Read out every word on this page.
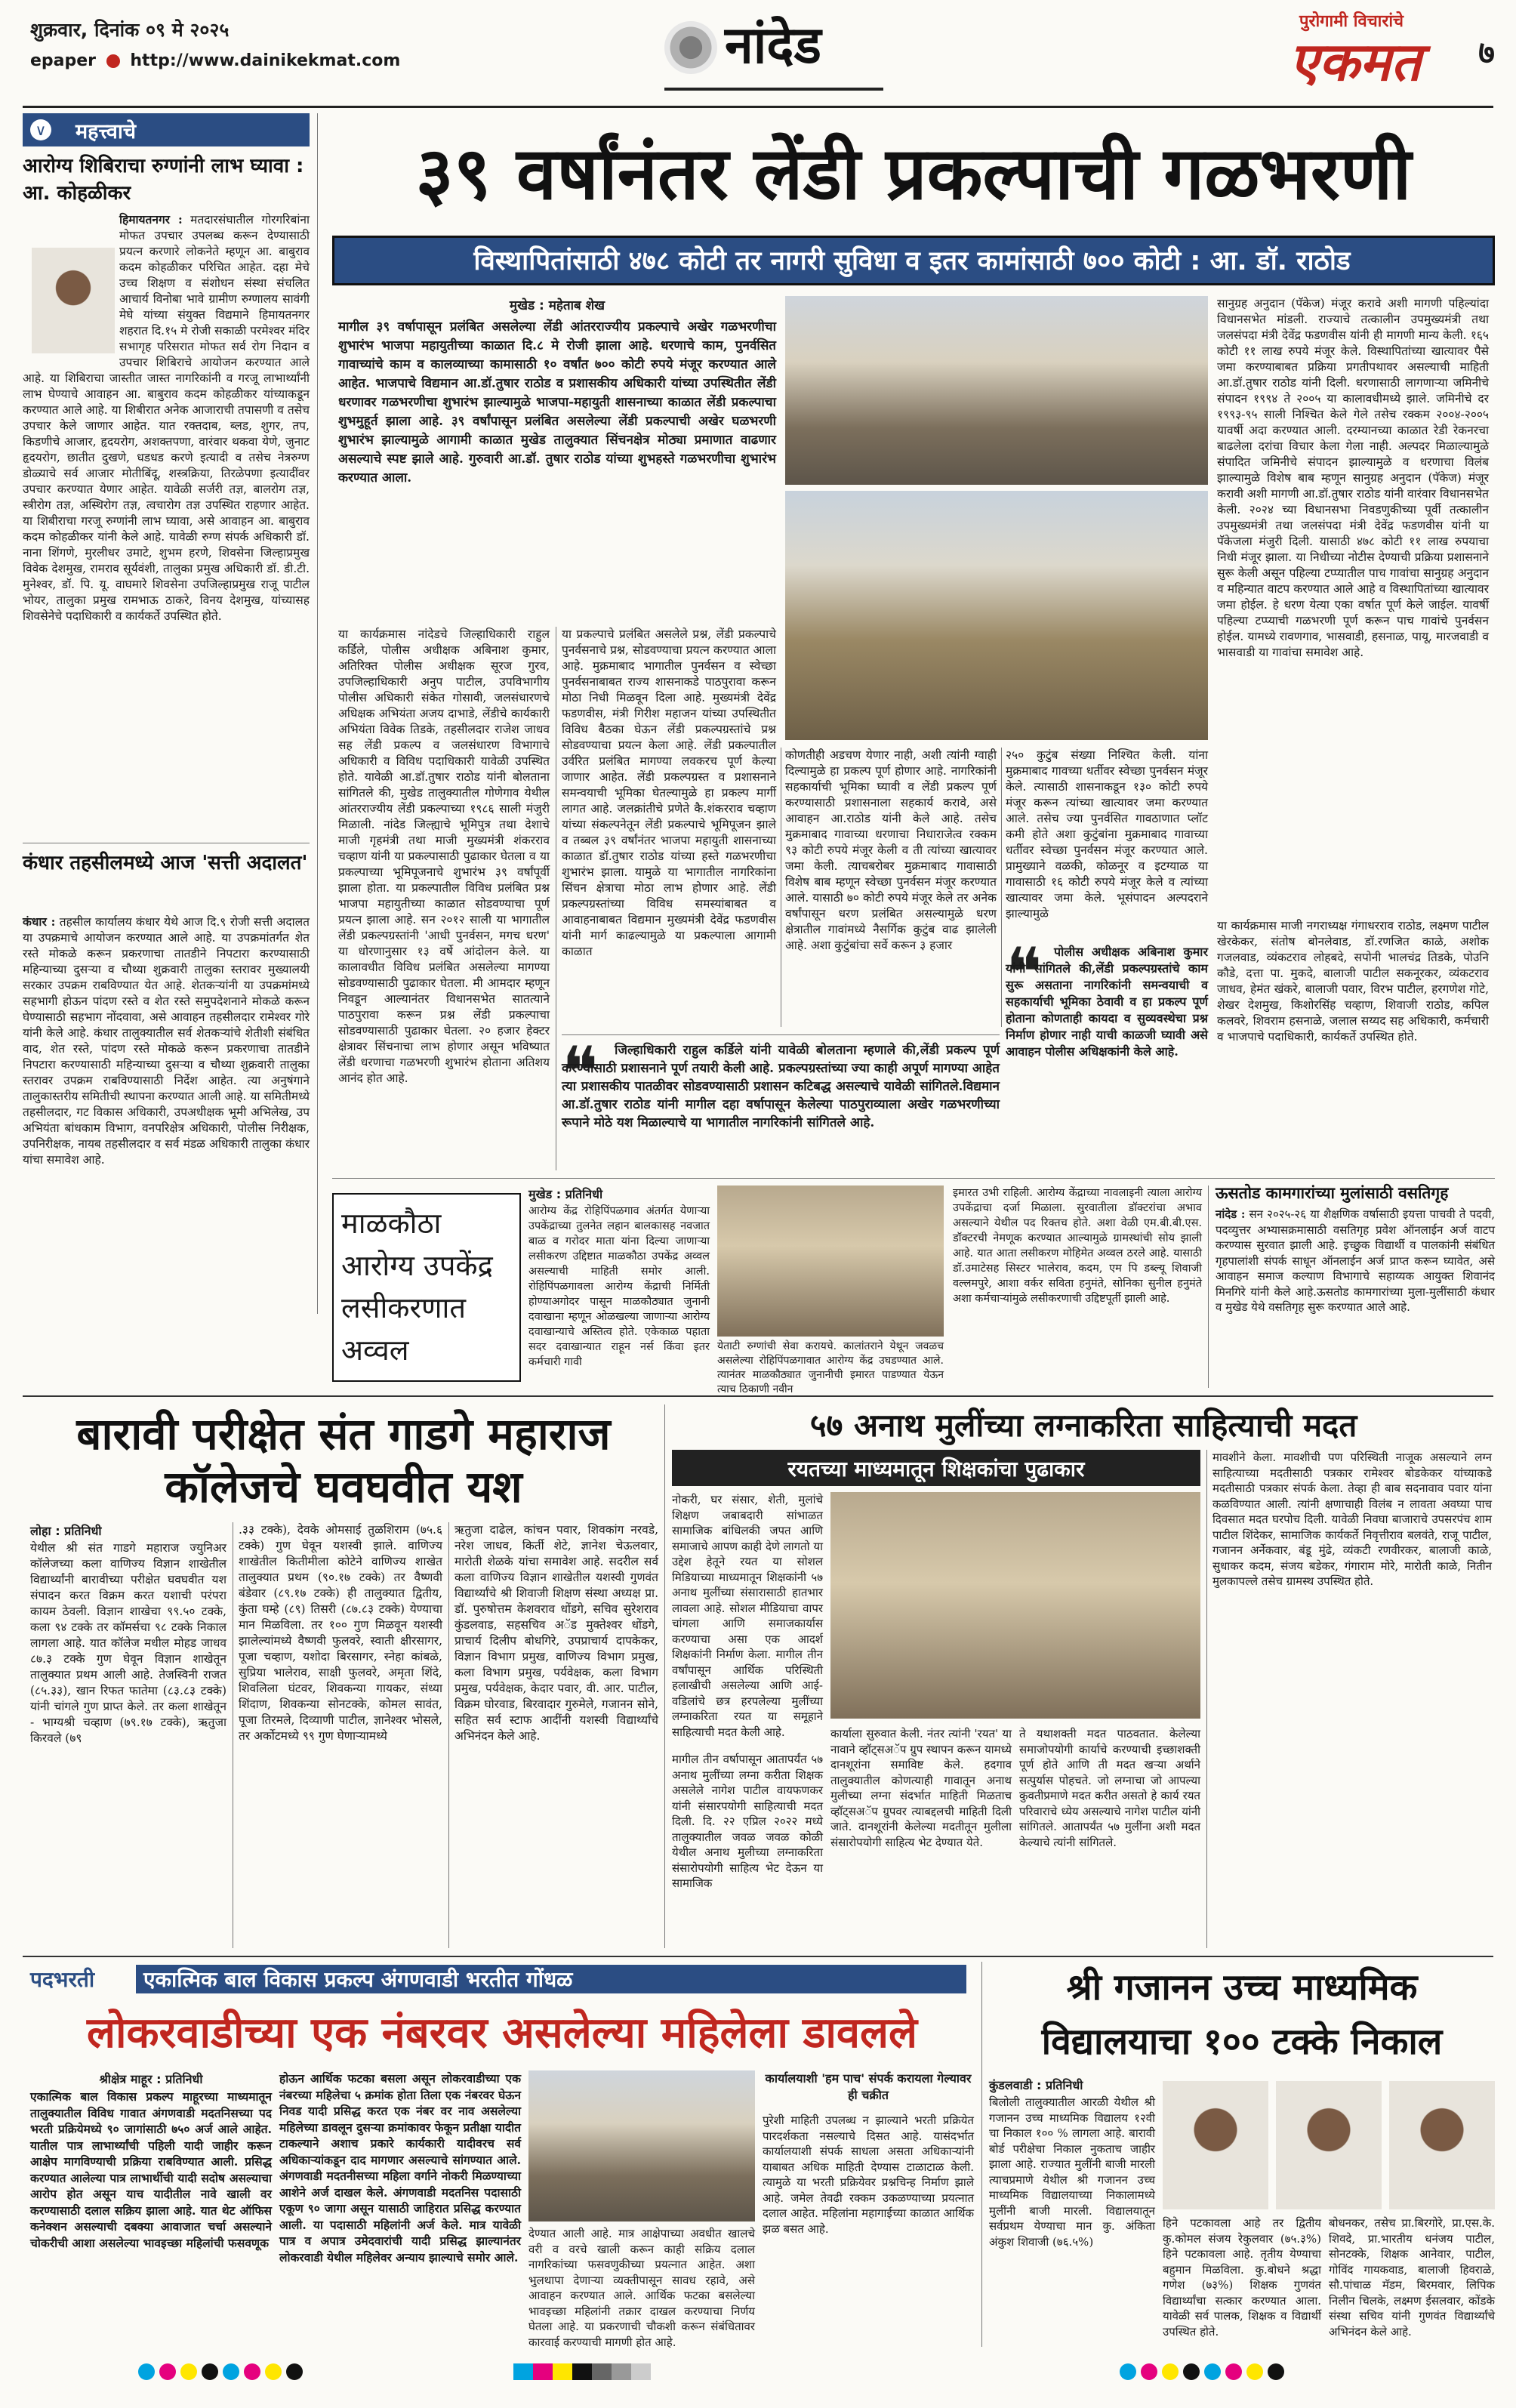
शुक्रवार, दिनांक ०९ मे २०२५
epaper http://www.dainikekmat.com	नांदेड	पुरोगामी विचारांचे
एकमत	७
∨ महत्त्वाचे
आरोग्य शिबिराचा रुग्णांनी लाभ घ्यावा : आ. कोहळीकर
हिमायतनगर : मतदारसंघातील गोरगरिबांना मोफत उपचार उपलब्ध करून देण्यासाठी प्रयत्न करणारे लोकनेते म्हणून आ. बाबुराव कदम कोहळीकर परिचित आहेत. दहा मेचे उच्च शिक्षण व संशोधन संस्था संचलित आचार्य विनोबा भावे ग्रामीण रुग्णालय सावंगी मेघे यांच्या संयुक्त विद्यमाने हिमायतनगर शहरात दि.१५ मे रोजी सकाळी परमेश्वर मंदिर सभागृह परिसरात मोफत सर्व रोग निदान व उपचार शिबिराचे आयोजन करण्यात आले आहे. या शिबिराचा जास्तीत जास्त नागरिकांनी व गरजू लाभार्थ्यांनी लाभ घेण्याचे आवाहन आ. बाबुराव कदम कोहळीकर यांच्याकडून करण्यात आले आहे. या शिबीरात अनेक आजाराची तपासणी व तसेच उपचार केले जाणार आहेत. यात रक्तदाब, ब्लड, शुगर, तप, किडणीचे आजार, हृदयरोग, अशक्तपणा, वारंवार थकवा येणे, जुनाट हृदयरोग, छातीत दुखणे, धडधड करणे इत्यादी व तसेच नेत्ररुग्ण डोळ्याचे सर्व आजार मोतीबिंदू, शस्त्रक्रिया, तिरळेपणा इत्यादींवर उपचार करण्यात येणार आहेत. यावेळी सर्जरी तज्ञ, बालरोग तज्ञ, स्त्रीरोग तज्ञ, अस्थिरोग तज्ञ, त्वचारोग तज्ञ उपस्थित राहणार आहेत. या शिबीराचा गरजू रुग्णांनी लाभ घ्यावा, असे आवाहन आ. बाबुराव कदम कोहळीकर यांनी केले आहे. यावेळी रुग्ण संपर्क अधिकारी डॉ. नाना शिंगणे, मुरलीधर उमाटे, शुभम हरणे, शिवसेना जिल्हाप्रमुख विवेक देशमुख, रामराव सूर्यवंशी, तालुका प्रमुख अधिकारी डॉ. डी.टी. मुनेश्वर, डॉ. पि. यू. वाघमारे शिवसेना उपजिल्हाप्रमुख राजू पाटील भोयर, तालुका प्रमुख रामभाऊ ठाकरे, विनय देशमुख, यांच्यासह शिवसेनेचे पदाधिकारी व कार्यकर्ते उपस्थित होते.
कंधार तहसीलमध्ये आज 'सत्ती अदालत'
कंधार : तहसील कार्यालय कंधार येथे आज दि.९ रोजी सत्ती अदालत या उपक्रमाचे आयोजन करण्यात आले आहे. या उपक्रमांतर्गत शेत रस्ते मोकळे करून प्रकरणाचा तातडीने निपटारा करण्यासाठी महिन्याच्या दुसऱ्या व चौथ्या शुक्रवारी तालुका स्तरावर मुख्यालयी सरकार उपक्रम राबविण्यात येत आहे. शेतकऱ्यांनी या उपक्रमांमध्ये सहभागी होऊन पांदण रस्ते व शेत रस्ते समुपदेशनाने मोकळे करून घेण्यासाठी सहभाग नोंदवावा, असे आवाहन तहसीलदार रामेश्वर गोरे यांनी केले आहे. कंधार तालुक्यातील सर्व शेतकऱ्यांचे शेतीशी संबंधित वाद, शेत रस्ते, पांदण रस्ते मोकळे करून प्रकरणाचा तातडीने निपटारा करण्यासाठी महिन्याच्या दुसऱ्या व चौथ्या शुक्रवारी तालुका स्तरावर उपक्रम राबविण्यासाठी निर्देश आहेत. त्या अनुषंगाने तालुकास्तरीय समितीची स्थापना करण्यात आली आहे. या समितीमध्ये तहसीलदार, गट विकास अधिकारी, उपअधीक्षक भूमी अभिलेख, उप अभियंता बांधकाम विभाग, वनपरिक्षेत्र अधिकारी, पोलीस निरीक्षक, उपनिरीक्षक, नायब तहसीलदार व सर्व मंडळ अधिकारी तालुका कंधार यांचा समावेश आहे.
३९ वर्षांनंतर लेंडी प्रकल्पाची गळभरणी
विस्थापितांसाठी ४७८ कोटी तर नागरी सुविधा व इतर कामांसाठी ७०० कोटी : आ. डॉ. राठोड
मुखेड : महेताब शेख
मागील ३९ वर्षापासून प्रलंबित असलेल्या लेंडी आंतरराज्यीय प्रकल्पाचे अखेर गळभरणीचा शुभारंभ भाजपा महायुतीच्या काळात दि.८ मे रोजी झाला आहे. धरणाचे काम, पुनर्वसित गावाच्यांचे काम व कालव्याच्या कामासाठी १० वर्षांत ७०० कोटी रुपये मंजूर करण्यात आले आहेत. भाजपाचे विद्यमान आ.डॉ.तुषार राठोड व प्रशासकीय अधिकारी यांच्या उपस्थितीत लेंडी धरणावर गळभरणीचा शुभारंभ झाल्यामुळे भाजपा-महायुती शासनाच्या काळात लेंडी प्रकल्पाचा शुभमुहूर्त झाला आहे. ३९ वर्षांपासून प्रलंबित असलेल्या लेंडी प्रकल्पाची अखेर घळभरणी शुभारंभ झाल्यामुळे आगामी काळात मुखेड तालुक्यात सिंचनक्षेत्र मोठ्या प्रमाणात वाढणार असल्याचे स्पष्ट झाले आहे. गुरुवारी आ.डॉ. तुषार राठोड यांच्या शुभहस्ते गळभरणीचा शुभारंभ करण्यात आला.
सानुग्रह अनुदान (पॅकेज) मंजूर करावे अशी मागणी पहिल्यांदा विधानसभेत मांडली. राज्याचे तत्कालीन उपमुख्यमंत्री तथा जलसंपदा मंत्री देवेंद्र फडणवीस यांनी ही मागणी मान्य केली. १६५ कोटी ११ लाख रुपये मंजूर केले. विस्थापितांच्या खात्यावर पैसे जमा करण्याबाबत प्रक्रिया प्रगतीपथावर असल्याची माहिती आ.डॉ.तुषार राठोड यांनी दिली. धरणासाठी लागणाऱ्या जमिनीचे संपादन १९९४ ते २००५ या कालावधीमध्ये झाले. जमिनीचे दर १९९३-९५ साली निश्चित केले गेले तसेच रक्कम २००४-२००५ यावर्षी अदा करण्यात आली. दरम्यानच्या काळात रेडी रेकनरचा बाढलेला दरांचा विचार केला गेला नाही. अल्पदर मिळाल्यामुळे संपादित जमिनीचे संपादन झाल्यामुळे व धरणाचा विलंब झाल्यामुळे विशेष बाब म्हणून सानुग्रह अनुदान (पॅकेज) मंजूर करावी अशी मागणी आ.डॉ.तुषार राठोड यांनी वारंवार विधानसभेत केली. २०२४ च्या विधानसभा निवडणुकीच्या पूर्वी तत्कालीन उपमुख्यमंत्री तथा जलसंपदा मंत्री देवेंद्र फडणवीस यांनी या पॅकेजला मंजुरी दिली. यासाठी ४७८ कोटी ११ लाख रुपयाचा निधी मंजूर झाला. या निधीच्या नोटीस देण्याची प्रक्रिया प्रशासनाने सुरू केली असून पहिल्या टप्प्यातील पाच गावांचा सानुग्रह अनुदान व महिन्यात वाटप करण्यात आले आहे व विस्थापितांच्या खात्यावर जमा होईल. हे धरण येत्या एका वर्षात पूर्ण केले जाईल. यावर्षी पहिल्या टप्प्याची गळभरणी पूर्ण करून पाच गावांचे पुनर्वसन होईल. यामध्ये रावणगाव, भासवाडी, हसनाळ, पायू, मारजवाडी व भासवाडी या गावांचा समावेश आहे.
या कार्यक्रमास माजी नगराध्यक्ष गंगाधरराव राठोड, लक्ष्मण पाटील खेरकेकर, संतोष बोनलेवाड, डॉ.रणजित काळे, अशोक गजलवाड, व्यंकटराव लोहबदे, सपोनी भालचंद्र तिडके, पोउनि कौडे, दत्ता पा. मुकदे, बालाजी पाटील सकनूरकर, व्यंकटराव जाधव, हेमंत खंकरे, बालाजी पवार, विरभ पाटील, हरगणेश गोटे, शेखर देशमुख, किशोरसिंह चव्हाण, शिवाजी राठोड, कपिल कलवरे, शिवराम हसनाळे, जलाल सय्यद सह अधिकारी, कर्मचारी व भाजपाचे पदाधिकारी, कार्यकर्ते उपस्थित होते.
या कार्यक्रमास नांदेडचे जिल्हाधिकारी राहुल कर्डिले, पोलीस अधीक्षक अबिनाश कुमार, अतिरिक्त पोलीस अधीक्षक सूरज गुरव, उपजिल्हाधिकारी अनुप पाटील, उपविभागीय पोलीस अधिकारी संकेत गोसावी, जलसंधारणचे अधिक्षक अभियंता अजय दाभाडे, लेंडीचे कार्यकारी अभियंता विवेक तिडके, तहसीलदार राजेश जाधव सह लेंडी प्रकल्प व जलसंधारण विभागाचे अधिकारी व विविध पदाधिकारी यावेळी उपस्थित होते. यावेळी आ.डॉ.तुषार राठोड यांनी बोलताना सांगितले की, मुखेड तालुक्यातील गोणेगाव येथील आंतरराज्यीय लेंडी प्रकल्पाच्या १९८६ साली मंजुरी मिळाली. नांदेड जिल्ह्याचे भूमिपुत्र तथा देशाचे माजी गृहमंत्री तथा माजी मुख्यमंत्री शंकरराव चव्हाण यांनी या प्रकल्पासाठी पुढाकार घेतला व या प्रकल्पाच्या भूमिपूजनाचे शुभारंभ ३९ वर्षांपूर्वी झाला होता. या प्रकल्पातील विविध प्रलंबित प्रश्न भाजपा महायुतीच्या काळात सोडवण्याचा पूर्ण प्रयत्न झाला आहे. सन २०१२ साली या भागातील लेंडी प्रकल्पग्रस्तांनी 'आधी पुनर्वसन, मगच धरण' या धोरणानुसार १३ वर्षे आंदोलन केले. या कालावधीत विविध प्रलंबित असलेल्या मागण्या सोडवण्यासाठी पुढाकार घेतला. मी आमदार म्हणून निवडून आल्यानंतर विधानसभेत सातत्याने पाठपुरावा करून प्रश्न लेंडी प्रकल्पाचा सोडवण्यासाठी पुढाकार घेतला. २० हजार हेक्टर क्षेत्रावर सिंचनाचा लाभ होणार असून भविष्यात लेंडी धरणाचा गळभरणी शुभारंभ होताना अतिशय आनंद होत आहे.
या प्रकल्पाचे प्रलंबित असलेले प्रश्न, लेंडी प्रकल्पाचे पुनर्वसनाचे प्रश्न, सोडवण्याचा प्रयत्न करण्यात आला आहे. मुक्रमाबाद भागातील पुनर्वसन व स्वेच्छा पुनर्वसनाबाबत राज्य शासनाकडे पाठपुरावा करून मोठा निधी मिळवून दिला आहे. मुख्यमंत्री देवेंद्र फडणवीस, मंत्री गिरीश महाजन यांच्या उपस्थितीत विविध बैठका घेऊन लेंडी प्रकल्पग्रस्तांचे प्रश्न सोडवण्याचा प्रयत्न केला आहे. लेंडी प्रकल्पातील उर्वरित प्रलंबित मागण्या लवकरच पूर्ण केल्या जाणार आहेत. लेंडी प्रकल्पग्रस्त व प्रशासनाने समन्वयाची भूमिका घेतल्यामुळे हा प्रकल्प मार्गी लागत आहे. जलक्रांतीचे प्रणेते कै.शंकरराव चव्हाण यांच्या संकल्पनेतून लेंडी प्रकल्पाचे भूमिपूजन झाले व तब्बल ३९ वर्षांनंतर भाजपा महायुती शासनाच्या काळात डॉ.तुषार राठोड यांच्या हस्ते गळभरणीचा शुभारंभ झाला. यामुळे या भागातील नागरिकांना सिंचन क्षेत्राचा मोठा लाभ होणार आहे. लेंडी प्रकल्पग्रस्तांच्या विविध समस्यांबाबत व आवाहनाबाबत विद्यमान मुख्यमंत्री देवेंद्र फडणवीस यांनी मार्ग काढल्यामुळे या प्रकल्पाला आगामी काळात
कोणतीही अडचण येणार नाही, अशी त्यांनी ग्वाही दिल्यामुळे हा प्रकल्प पूर्ण होणार आहे. नागरिकांनी सहकार्याची भूमिका घ्यावी व लेंडी प्रकल्प पूर्ण करण्यासाठी प्रशासनाला सहकार्य करावे, असे आवाहन आ.राठोड यांनी केले आहे. तसेच मुक्रमाबाद गावाच्या धरणाचा निधाराजेत्व रक्कम ९३ कोटी रुपये मंजूर केली व ती त्यांच्या खात्यावर जमा केली. त्याचबरोबर मुक्रमाबाद गावासाठी विशेष बाब म्हणून स्वेच्छा पुनर्वसन मंजूर करण्यात आले. यासाठी ७० कोटी रुपये मंजूर केले तर अनेक वर्षांपासून धरण प्रलंबित असल्यामुळे धरण क्षेत्रातील गावांमध्ये नैसर्गिक कुटुंब वाढ झालेली आहे. अशा कुटुंबांचा सर्वे करून ३ हजार
२५० कुटुंब संख्या निश्चित केली. यांना मुक्रमाबाद गावच्या धर्तीवर स्वेच्छा पुनर्वसन मंजूर केले. त्यासाठी शासनाकडून १३० कोटी रुपये मंजूर करून त्यांच्या खात्यावर जमा करण्यात आले. तसेच ज्या पुनर्वसित गावठाणात प्लॉट कमी होते अशा कुटुंबांना मुक्रमाबाद गावाच्या धर्तीवर स्वेच्छा पुनर्वसन मंजूर करण्यात आले. प्रामुख्याने वळकी, कोळनूर व इटग्याळ या गावासाठी १६ कोटी रुपये मंजूर केले व त्यांच्या खात्यावर जमा केले. भूसंपादन अल्पदराने झाल्यामुळे
❝ पोलीस अधीक्षक अबिनाश कुमार यांनी सांगितले की,लेंडी प्रकल्पग्रस्तांचे काम सुरू असताना नागरिकांनी समन्वयाची व सहकार्याची भूमिका ठेवावी व हा प्रकल्प पूर्ण होताना कोणताही कायदा व सुव्यवस्थेचा प्रश्न निर्माण होणार नाही याची काळजी घ्यावी असे आवाहन पोलीस अधिक्षकांनी केले आहे.
❝	जिल्हाधिकारी राहुल कर्डिले यांनी यावेळी बोलताना म्हणाले की,लेंडी प्रकल्प पूर्ण करण्यासाठी प्रशासनाने पूर्ण तयारी केली आहे. प्रकल्पग्रस्तांच्या ज्या काही अपूर्ण मागण्या आहेत त्या प्रशासकीय पातळीवर सोडवण्यासाठी प्रशासन कटिबद्ध असल्याचे यावेळी सांगितले.विद्यमान आ.डॉ.तुषार राठोड यांनी मागील दहा वर्षापासून केलेल्या पाठपुराव्याला अखेर गळभरणीच्या रूपाने मोठे यश मिळाल्याचे या भागातील नागरिकांनी सांगितले आहे.
माळकौठा आरोग्य उपकेंद्र लसीकरणात अव्वल
मुखेड : प्रतिनिधी
आरोग्य केंद्र रोहिपिंपळगाव अंतर्गत येणाऱ्या उपकेंद्राच्या तुलनेत लहान बालकासह नवजात बाळ व गरोदर माता यांना दिल्या जाणाऱ्या लसीकरण उद्दिष्टात माळकौठा उपकेंद्र अव्वल असल्याची माहिती समोर आली. रोहिपिंपळगावला आरोग्य केंद्राची निर्मिती होण्याअगोदर पासून माळकौठ्यात जुनानी दवाखाना म्हणून ओळखल्या जाणाऱ्या आरोग्य दवाखान्याचे अस्तित्व होते. एकेकाळ पहाता सदर दवाखान्यात राहून नर्स किंवा इतर कर्मचारी गावी
येताटी रुग्णांची सेवा करायचे. कालांतराने येथून जवळच असलेल्या रोहिपिंपळगावात आरोग्य केंद्र उघडण्यात आले. त्यानंतर माळकौठ्यात जुनानीची इमारत पाडण्यात येऊन त्याच ठिकाणी नवीन
इमारत उभी राहिली. आरोग्य केंद्राच्या नावलाइनी त्याला आरोग्य उपकेंद्राचा दर्जा मिळाला. सुरवातीला डॉक्टरांचा अभाव असल्याने येथील पद रिक्तच होते. अशा वेळी एम.बी.बी.एस. डॉक्टरची नेमणूक करण्यात आल्यामुळे ग्रामस्थांची सोय झाली आहे. यात आता लसीकरण मोहिमेत अव्वल ठरले आहे. यासाठी डॉ.उमाटेसह सिस्टर भालेराव, कदम, एम पि डब्ल्यू शिवाजी वल्लमपुरे, आशा वर्कर सविता हनुमंते, सोनिका सुनील हनुमंते अशा कर्मचाऱ्यांमुळे लसीकरणाची उद्दिष्टपूर्ती झाली आहे.
ऊसतोड कामगारांच्या मुलांसाठी वसतिगृह
नांदेड : सन २०२५-२६ या शैक्षणिक वर्षासाठी इयत्ता पाचवी ते पदवी, पदव्युत्तर अभ्यासक्रमासाठी वसतिगृह प्रवेश ऑनलाईन अर्ज वाटप करण्यास सुरवात झाली आहे. इच्छुक विद्यार्थी व पालकांनी संबंधित गृहपालांशी संपर्क साधून ऑनलाईन अर्ज प्राप्त करून घ्यावेत, असे आवाहन समाज कल्याण विभागाचे सहाय्यक आयुक्त शिवानंद मिनगिरे यांनी केले आहे.ऊसतोड कामगारांच्या मुला-मुलींसाठी कंधार व मुखेड येथे वसतिगृह सुरू करण्यात आले आहे.
बारावी परीक्षेत संत गाडगे महाराज कॉलेजचे घवघवीत यश
लोहा : प्रतिनिधी
येथील श्री संत गाडगे महाराज ज्युनिअर कॉलेजच्या कला वाणिज्य विज्ञान शाखेतील विद्यार्थ्यांनी बारावीच्या परीक्षेत घवघवीत यश संपादन करत विक्रम करत यशाची परंपरा कायम ठेवली. विज्ञान शाखेचा ९९.५० टक्के, कला ९४ टक्के तर कॉमर्सचा ९८ टक्के निकाल लागला आहे. यात कॉलेज मधील मोहड जाधव ८७.३ टक्के गुण घेवून विज्ञान शाखेतून तालुक्यात प्रथम आली आहे. तेजस्विनी राजत (८५.३३), खान रिफत फातेमा (८३.८३ टक्के) यांनी चांगले गुण प्राप्त केले. तर कला शाखेतून - भाग्यश्री चव्हाण (७९.१७ टक्के), ऋतुजा किरवले (७९
.३३ टक्के), देवके ओमसाई तुळशिराम (७५.६ टक्के) गुण घेवून यशस्वी झाले. वाणिज्य शाखेतील कितीमीला कोटेने वाणिज्य शाखेत तालुक्यात प्रथम (९०.१७ टक्के) तर वैष्णवी बंडेवार (८९.१७ टक्के) ही तालुक्यात द्वितीय, कुंता घम्हे (८९) तिसरी (८७.८३ टक्के) येण्याचा मान मिळविला. तर १०० गुण मिळवून यशस्वी झालेल्यांमध्ये वैष्णवी फुलवरे, स्वाती क्षीरसागर, पूजा चव्हाण, यशोदा बिरसागर, स्नेहा कांबळे, सुप्रिया भालेराव, साक्षी फुलवरे, अमृता शिंदे, शिवलिला घंटवर, शिवकन्या गायकर, संध्या शिंदाण, शिवकन्या सोनटक्के, कोमल सावंत, पूजा तिरमले, दिव्याणी पाटील, ज्ञानेश्वर भोसले, तर अर्कोटमध्ये ९९ गुण घेणाऱ्यामध्ये
ऋतुजा दाढेल, कांचन पवार, शिवकांग नरवडे, नरेश जाधव, किर्ती शेटे, ज्ञानेश चेऊलवार, मारोती शेळके यांचा समावेश आहे. सदरील सर्व कला वाणिज्य विज्ञान शाखेतील यशस्वी गुणवंत विद्यार्थ्यांचे श्री शिवाजी शिक्षण संस्था अध्यक्ष प्रा. डॉ. पुरुषोत्तम केशवराव धोंडगे, सचिव सुरेशराव कुंडलवाड, सहसचिव अॅड मुक्तेश्वर धोंडगे, प्राचार्य दिलीप बोधगिरे, उपप्राचार्य दापकेकर, विज्ञान विभाग प्रमुख, वाणिज्य विभाग प्रमुख, कला विभाग प्रमुख, पर्यवेक्षक, कला विभाग प्रमुख, पर्यवेक्षक, केदार पवार, वी. आर. पाटील, विक्रम घोरवाड, बिरवादार गुरुमेले, गजानन सोने, सहित सर्व स्टाफ आदींनी यशस्वी विद्यार्थ्यांचे अभिनंदन केले आहे.
५७ अनाथ मुलींच्या लग्नाकरिता साहित्याची मदत
रयतच्या माध्यमातून शिक्षकांचा पुढाकार
नोकरी, घर संसार, शेती, मुलांचे शिक्षण जबाबदारी सांभाळत सामाजिक बांधिलकी जपत आणि समाजाचे आपण काही देणे लागतो या उद्देश हेतूने रयत या सोशल मिडियाच्या माध्यमातून शिक्षकांनी ५७ अनाथ मुलींच्या संसारासाठी हातभार लावला आहे. सोशल मीडियाचा वापर चांगला आणि समाजकार्यास करण्याचा असा एक आदर्श शिक्षकांनी निर्माण केला. मागील तीन वर्षांपासून आर्थिक परिस्थिती हलाखीची असलेल्या आणि आई-वडिलांचे छत्र हरपलेल्या मुलींच्या लग्नाकरिता रयत या समूहाने साहित्याची मदत केली आहे.
मागील तीन वर्षापासून आतापर्यंत ५७ अनाथ मुलींच्या लग्ना करीता शिक्षक असलेले नागेश पाटील वायफणकर यांनी संसारपयोगी साहित्याची मदत दिली. दि. २२ एप्रिल २०२२ मध्ये तालुक्यातील जवळ जवळ कोळी येथील अनाथ मुलीच्या लग्नाकरिता संसारोपयोगी साहित्य भेट देऊन या सामाजिक
कार्याला सुरुवात केली. नंतर त्यांनी 'रयत' या नावाने व्हॉट्सअॅप ग्रुप स्थापन करून यामध्ये दानशूरांना समाविष्ट केले. हदगाव तालुक्यातील कोणत्याही गावातून अनाथ मुलीच्या लग्ना संदर्भात माहिती मिळताच व्हॉट्सअॅप ग्रुपवर त्याबद्दलची माहिती दिली जाते. दानशूरांनी केलेल्या मदतीतून मुलीला संसारोपयोगी साहित्य भेट देण्यात येते.
ते यथाशक्ती मदत पाठवतात. केलेल्या समाजोपयोगी कार्याचे करण्याची इच्छाशक्ती पूर्ण होते आणि ती मदत खऱ्या अर्थाने सत्पुर्यास पोहचते. जो लग्नाचा जो आपल्या कुवतीप्रमाणे मदत करीत असतो हे कार्य रयत परिवाराचे ध्येय असल्याचे नागेश पाटील यांनी सांगितले. आतापर्यंत ५७ मुलींना अशी मदत केल्याचे त्यांनी सांगितले.
मावशीने केला. मावशीची पण परिस्थिती नाजूक असल्याने लग्न साहित्याच्या मदतीसाठी पत्रकार रामेश्वर बोडकेकर यांच्याकडे मदतीसाठी पत्रकार संपर्क केला. तेव्हा ही बाब सदनावाव पवार यांना कळविण्यात आली. त्यांनी क्षणाचाही विलंब न लावता अवघ्या पाच दिवसात मदत घरपोच दिली. यावेळी निवघा बाजाराचे उपसरपंच शाम पाटील शिंदेकर, सामाजिक कार्यकर्ते निवृत्तीराव बलवंते, राजू पाटील, गजानन अर्नेकवार, बंडू मुंढे, व्यंकटी रणवीरकर, बालाजी काळे, सुधाकर कदम, संजय बडेकर, गंगाराम मोरे, मारोती काळे, नितीन मुलकापल्ले तसेच ग्रामस्थ उपस्थित होते.
पदभरती	एकात्मिक बाल विकास प्रकल्प अंगणवाडी भरतीत गोंधळ
लोकरवाडीच्या एक नंबरवर असलेल्या महिलेला डावलले
श्रीक्षेत्र माहूर : प्रतिनिधी
एकात्मिक बाल विकास प्रकल्प माहूरच्या माध्यमातून तालुक्यातील विविध गावात अंगणवाडी मदतनिसच्या पद भरती प्रक्रियेमध्ये ९० जागांसाठी ७५० अर्ज आले आहेत. यातील पात्र लाभार्थ्यांची पहिली यादी जाहीर करून आक्षेप मागविण्याची प्रक्रिया राबविण्यात आली. प्रसिद्ध करण्यात आलेल्या पात्र लाभार्थीची यादी सदोष असल्याचा आरोप होत असून याच यादीतील नावे खाली वर करण्यासाठी दलाल सक्रिय झाला आहे. यात थेट ऑफिस कनेक्शन असल्याची दबक्या आवाजात चर्चा असल्याने चोकरीची आशा असलेल्या भावइच्छा महिलांची फसवणूक
होऊन आर्थिक फटका बसला असून लोकरवाडीच्या एक नंबरच्या महिलेचा ५ क्रमांक होता तिला एक नंबरवर घेऊन निवड यादी प्रसिद्ध करत एक नंबर वर नाव असलेल्या महिलेच्या डावलून दुसऱ्या क्रमांकावर फेकून प्रतीक्षा यादीत टाकल्याने अशाच प्रकारे कार्यकारी यादीवरच सर्व अधिकाऱ्यांकडून दाद मागणार असल्याचे सांगण्यात आले. अंगणवाडी मदतनीसच्या महिला वर्गाने नोकरी मिळण्याच्या आशेने अर्ज दाखल केले. अंगणवाडी मदतनिस पदासाठी एकूण ९० जागा असून यासाठी जाहिरात प्रसिद्ध करण्यात आली. या पदासाठी महिलांनी अर्ज केले. मात्र यावेळी पात्र व अपात्र उमेदवारांची यादी प्रसिद्ध झाल्यानंतर लोकरवाडी येथील महिलेवर अन्याय झाल्याचे समोर आले.
देण्यात आली आहे. मात्र आक्षेपाच्या अवधीत खालचे वरी व वरचे खाली करून काही सक्रिय दलाल नागरिकांच्या फसवणुकीच्या प्रयत्नात आहेत. अशा भुलथापा देणाऱ्या व्यक्तीपासून सावध रहावे, असे आवाहन करण्यात आले. आर्थिक फटका बसलेल्या भावइच्छा महिलांनी तक्रार दाखल करण्याचा निर्णय घेतला आहे. या प्रकरणाची चौकशी करून संबंधितावर कारवाई करण्याची मागणी होत आहे.
कार्यालयाशी 'हम पाच' संपर्क करायला गेल्यावर ही चक्रीत
पुरेशी माहिती उपलब्ध न झाल्याने भरती प्रक्रियेत पारदर्शकता नसल्याचे दिसत आहे. यासंदर्भात कार्यालयाशी संपर्क साधला असता अधिकाऱ्यांनी याबाबत अधिक माहिती देण्यास टाळाटाळ केली. त्यामुळे या भरती प्रक्रियेवर प्रश्नचिन्ह निर्माण झाले आहे. जमेल तेवढी रक्कम उकळण्याच्या प्रयत्नात दलाल आहेत. महिलांना महागाईच्या काळात आर्थिक झळ बसत आहे.
श्री गजानन उच्च माध्यमिक विद्यालयाचा १०० टक्के निकाल
कुंडलवाडी : प्रतिनिधी
बिलोली तालुक्यातील आरळी येथील श्री गजानन उच्च माध्यमिक विद्यालय १२वी चा निकाल १०० % लागला आहे. बारावी बोर्ड परीक्षेचा निकाल नुकताच जाहीर झाला आहे. राज्यात मुलींनी बाजी मारली त्याचप्रमाणे येथील श्री गजानन उच्च माध्यमिक विद्यालयाच्या निकालामध्ये मुलींनी बाजी मारली. विद्यालयातून सर्वप्रथम येण्याचा मान कु. अंकिता अंकुश शिवाजी (७६.५%)
हिने पटकावला आहे तर द्वितीय कु.कोमल संजय रेकुलवार (७५.३%) हिने पटकावला आहे. तृतीय येण्याचा बहुमान मिळविला. कु.बोधने श्रद्धा गणेश (७३%) शिक्षक गुणवंत विद्यार्थ्यांचा सत्कार करण्यात आला. यावेळी सर्व पालक, शिक्षक व विद्यार्थी उपस्थित होते.
बोधनकर, तसेच प्रा.बिरगोरे, प्रा.एस.के. शिवदे, प्रा.भारतीय धनंजय पाटील, सोनटक्के, शिक्षक आनेवार, पाटील, गोविंद गायकवाड, बालाजी हिवराळे, सौ.पांचाळ मॅडम, बिरमवार, लिपिक निलीन चिलके, लक्ष्मण ईसलवार, कोंडके संस्था सचिव यांनी गुणवंत विद्यार्थ्यांचे अभिनंदन केले आहे.
